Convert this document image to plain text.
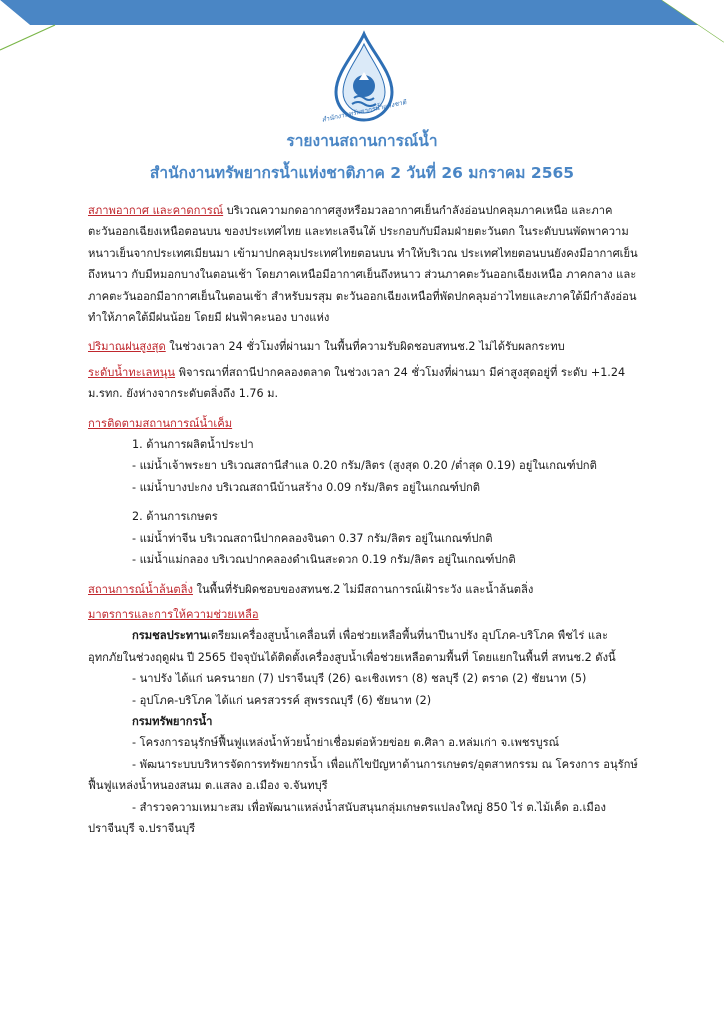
สำนักงานทรัพยากรน้ำแห่งชาติ
รายงานสถานการณ์น้ำ
สำนักงานทรัพยากรน้ำแห่งชาติภาค 2 วันที่ 26 มกราคม 2565

สภาพอากาศ และคาดการณ์ บริเวณความกดอากาศสูงหรือมวลอากาศเย็นกำลังอ่อนปกคลุมภาคเหนือ และภาคตะวันออกเฉียงเหนือตอนบน ของประเทศไทย และทะเลจีนใต้ ประกอบกับมีลมฝ่ายตะวันตก ในระดับบนพัดพาความหนาวเย็นจากประเทศเมียนมา เข้ามาปกคลุมประเทศไทยตอนบน ทำให้บริเวณ ประเทศไทยตอนบนยังคงมีอากาศเย็นถึงหนาว กับมีหมอกบางในตอนเช้า โดยภาคเหนือมีอากาศเย็นถึงหนาว ส่วนภาคตะวันออกเฉียงเหนือ ภาคกลาง และภาคตะวันออกมีอากาศเย็นในตอนเช้า สำหรับมรสุม ตะวันออกเฉียงเหนือที่พัดปกคลุมอ่าวไทยและภาคใต้มีกำลังอ่อน ทำให้ภาคใต้มีฝนน้อย โดยมี ฝนฟ้าคะนอง บางแห่ง

ปริมาณฝนสูงสุด ในช่วงเวลา 24 ชั่วโมงที่ผ่านมา ในพื้นที่ความรับผิดชอบสทนช.2 ไม่ได้รับผลกระทบ

ระดับน้ำทะเลหนุน พิจารณาที่สถานีปากคลองตลาด ในช่วงเวลา 24 ชั่วโมงที่ผ่านมา มีค่าสูงสุดอยู่ที่ ระดับ +1.24 ม.รทก. ยังห่างจากระดับตลิ่งถึง 1.76 ม.

การติดตามสถานการณ์น้ำเค็ม

1. ด้านการผลิตน้ำประปา

- แม่น้ำเจ้าพระยา บริเวณสถานีสำแล 0.20 กรัม/ลิตร (สูงสุด 0.20 /ต่ำสุด 0.19) อยู่ในเกณฑ์ปกติ

- แม่น้ำบางปะกง บริเวณสถานีบ้านสร้าง 0.09 กรัม/ลิตร อยู่ในเกณฑ์ปกติ

2. ด้านการเกษตร

- แม่น้ำท่าจีน บริเวณสถานีปากคลองจินดา 0.37 กรัม/ลิตร อยู่ในเกณฑ์ปกติ

- แม่น้ำแม่กลอง บริเวณปากคลองดำเนินสะดวก 0.19 กรัม/ลิตร อยู่ในเกณฑ์ปกติ

สถานการณ์น้ำล้นตลิ่ง ในพื้นที่รับผิดชอบของสทนช.2 ไม่มีสถานการณ์เฝ้าระวัง และน้ำล้นตลิ่ง

มาตรการและการให้ความช่วยเหลือ

กรมชลประทานเตรียมเครื่องสูบน้ำเคลื่อนที่ เพื่อช่วยเหลือพื้นที่นาปีนาปรัง อุปโภค-บริโภค พืชไร่ และอุทกภัยในช่วงฤดูฝน ปี 2565 ปัจจุบันได้ติดตั้งเครื่องสูบน้ำเพื่อช่วยเหลือตามพื้นที่ โดยแยกในพื้นที่ สทนช.2 ดังนี้

- นาปรัง ได้แก่ นครนายก (7) ปราจีนบุรี (26) ฉะเชิงเทรา (8) ชลบุรี (2) ตราด (2) ชัยนาท (5)

- อุปโภค-บริโภค ได้แก่ นครสวรรค์ สุพรรณบุรี (6) ชัยนาท (2)

กรมทรัพยากรน้ำ

- โครงการอนุรักษ์ฟื้นฟูแหล่งน้ำห้วยน้ำย่าเชื่อมต่อห้วยข่อย ต.ศิลา อ.หล่มเก่า จ.เพชรบูรณ์

- พัฒนาระบบบริหารจัดการทรัพยากรน้ำ เพื่อแก้ไขปัญหาด้านการเกษตร/อุตสาหกรรม ณ โครงการ อนุรักษ์ฟื้นฟูแหล่งน้ำหนองสนม ต.แสลง อ.เมือง จ.จันทบุรี

- สำรวจความเหมาะสม เพื่อพัฒนาแหล่งน้ำสนับสนุนกลุ่มเกษตรแปลงใหญ่ 850 ไร่ ต.ไม้เค็ด อ.เมือง ปราจีนบุรี จ.ปราจีนบุรี
